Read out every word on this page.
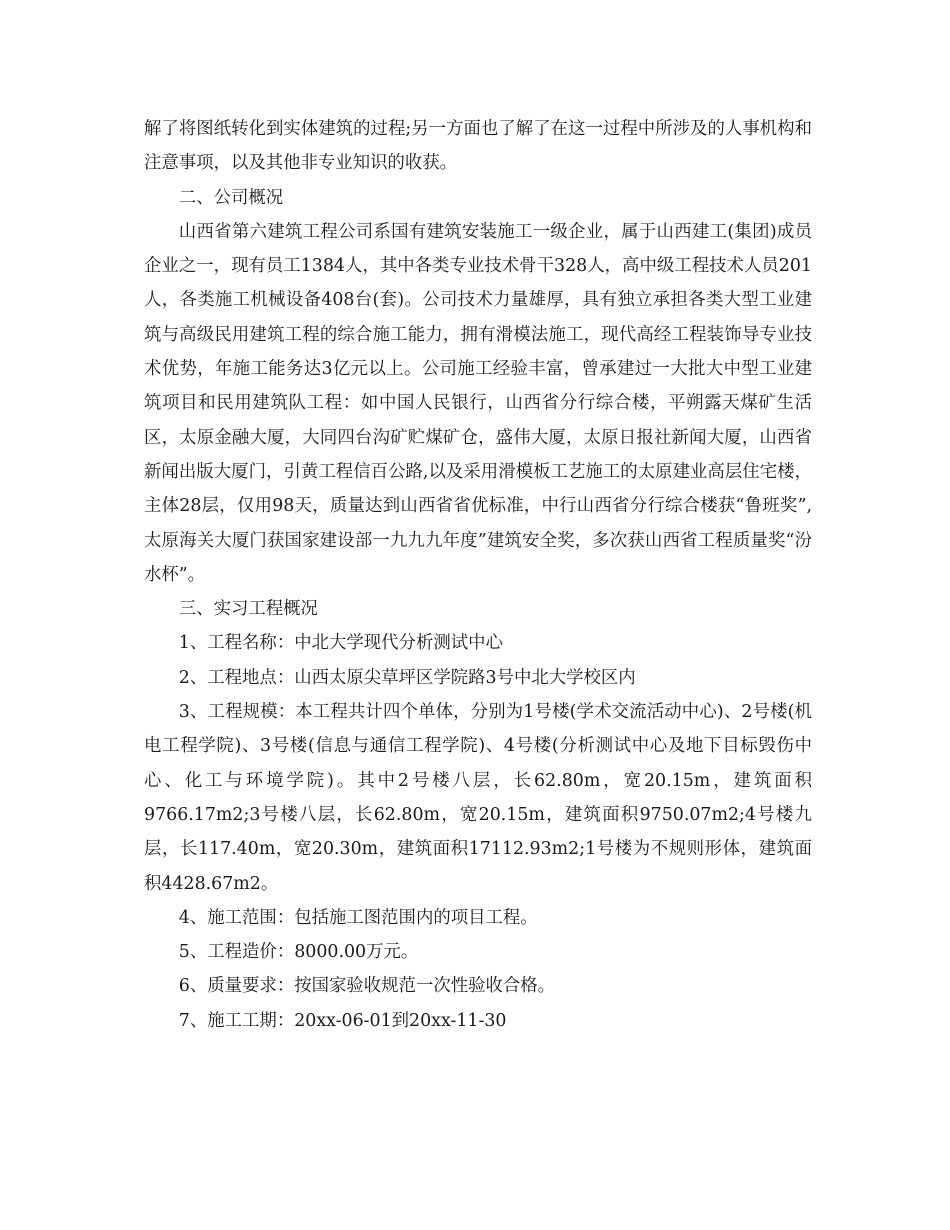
解了将图纸转化到实体建筑的过程;另一方面也了解了在这一过程中所涉及的人事机构和注意事项，以及其他非专业知识的收获。

二、公司概况

山西省第六建筑工程公司系国有建筑安装施工一级企业，属于山西建工(集团)成员企业之一，现有员工1384人，其中各类专业技术骨干328人，高中级工程技术人员201人，各类施工机械设备408台(套)。公司技术力量雄厚，具有独立承担各类大型工业建筑与高级民用建筑工程的综合施工能力，拥有滑模法施工，现代高经工程装饰导专业技术优势，年施工能务达3亿元以上。公司施工经验丰富，曾承建过一大批大中型工业建筑项目和民用建筑队工程：如中国人民银行，山西省分行综合楼，平朔露天煤矿生活区，太原金融大厦，大同四台沟矿贮煤矿仓，盛伟大厦，太原日报社新闻大厦，山西省新闻出版大厦门，引黄工程信百公路,以及采用滑模板工艺施工的太原建业高层住宅楼，主体28层，仅用98天，质量达到山西省省优标准，中行山西省分行综合楼获“鲁班奖”,太原海关大厦门获国家建设部一九九九年度”建筑安全奖，多次获山西省工程质量奖“汾水杯”。

三、实习工程概况

1、工程名称：中北大学现代分析测试中心

2、工程地点：山西太原尖草坪区学院路3号中北大学校区内

3、工程规模：本工程共计四个单体，分别为1号楼(学术交流活动中心)、2号楼(机电工程学院)、3号楼(信息与通信工程学院)、4号楼(分析测试中心及地下目标毁伤中心、化工与环境学院)。其中2号楼八层，长62.80m，宽20.15m，建筑面积9766.17m2;3号楼八层，长62.80m，宽20.15m，建筑面积9750.07m2;4号楼九层，长117.40m，宽20.30m，建筑面积17112.93m2;1号楼为不规则形体，建筑面积4428.67m2。

4、施工范围：包括施工图范围内的项目工程。

5、工程造价：8000.00万元。

6、质量要求：按国家验收规范一次性验收合格。

7、施工工期：20xx-06-01到20xx-11-30
